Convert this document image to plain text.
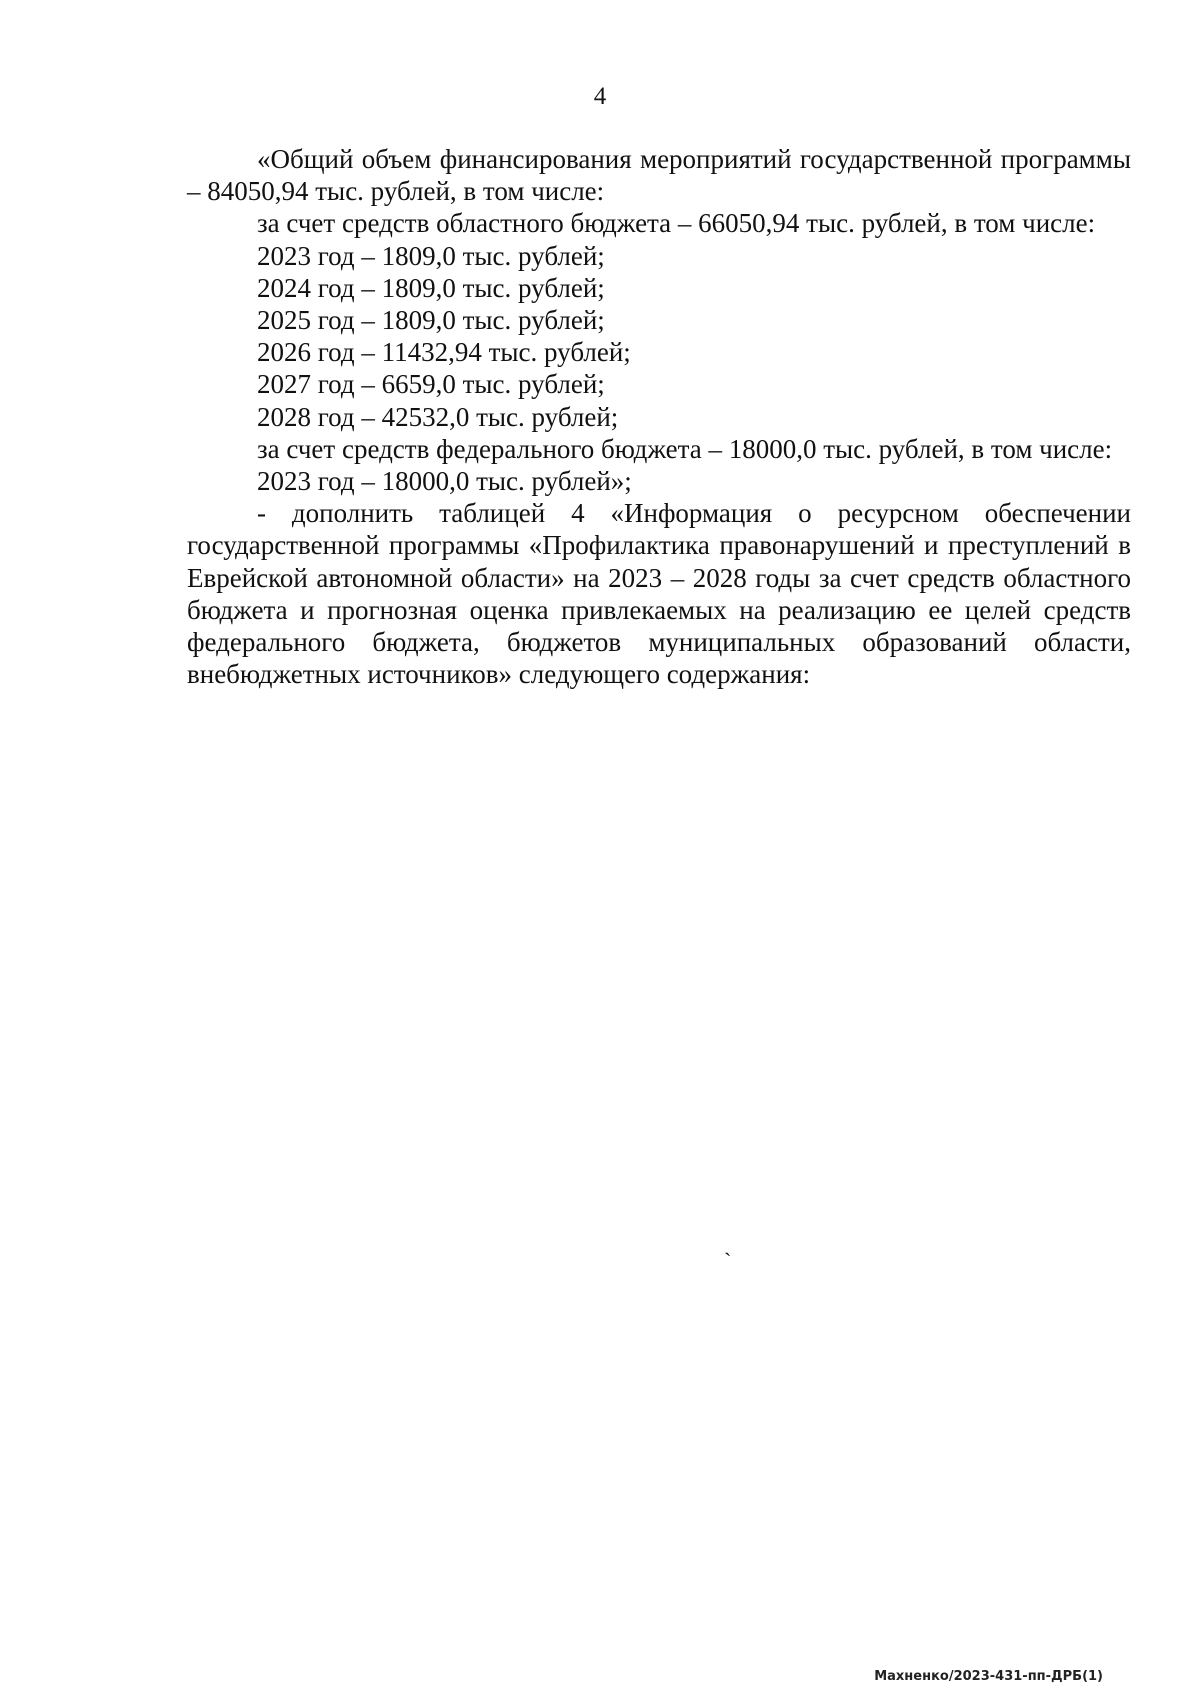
4

«Общий объем финансирования мероприятий государственной программы – 84050,94 тыс. рублей, в том числе:

за счет средств областного бюджета – 66050,94 тыс. рублей, в том числе:

2023 год – 1809,0 тыс. рублей;

2024 год – 1809,0 тыс. рублей;

2025 год – 1809,0 тыс. рублей;

2026 год – 11432,94 тыс. рублей;

2027 год – 6659,0 тыс. рублей;

2028 год – 42532,0 тыс. рублей;

за счет средств федерального бюджета – 18000,0 тыс. рублей, в том числе:

2023 год – 18000,0 тыс. рублей»;

- дополнить таблицей 4 «Информация о ресурсном обеспечении государственной программы «Профилактика правонарушений и преступлений в Еврейской автономной области» на 2023 – 2028 годы за счет средств областного бюджета и прогнозная оценка привлекаемых на реализацию ее целей средств федерального бюджета, бюджетов муниципальных образований области, внебюджетных источников» следующего содержания:

`
Махненко/2023-431-пп-ДРБ(1)
